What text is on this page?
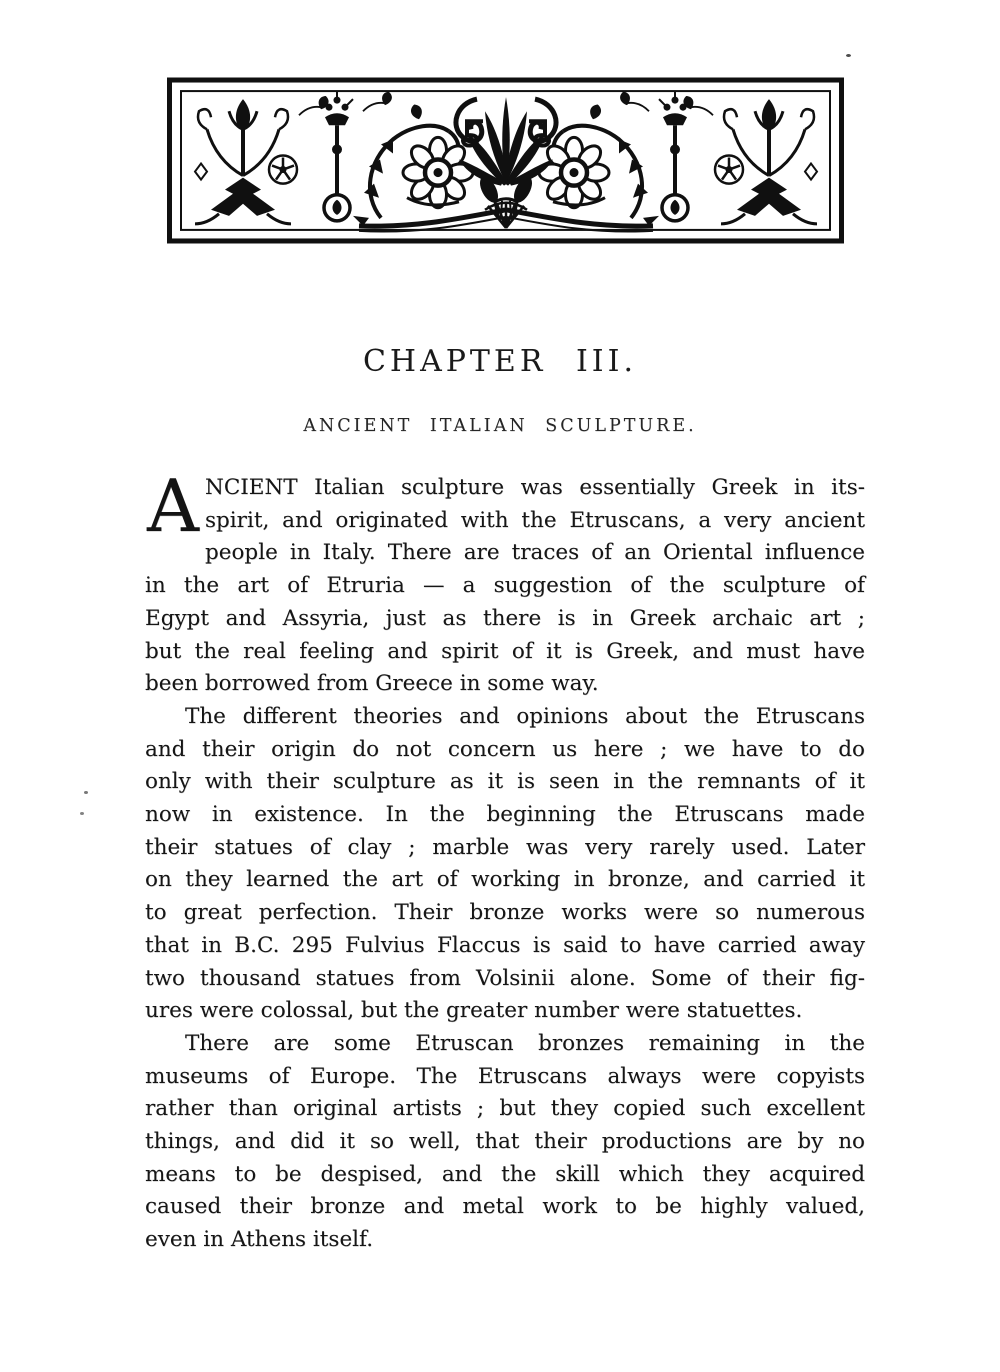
CHAPTER III.
ANCIENT ITALIAN SCULPTURE.
A NCIENT Italian sculpture was essentially Greek in its-
spirit, and originated with the Etruscans, a very ancient
people in Italy. There are traces of an Oriental influence
in the art of Etruria — a suggestion of the sculpture of
Egypt and Assyria, just as there is in Greek archaic art ;
but the real feeling and spirit of it is Greek, and must have
been borrowed from Greece in some way.
The different theories and opinions about the Etruscans
and their origin do not concern us here ; we have to do
only with their sculpture as it is seen in the remnants of it
now in existence. In the beginning the Etruscans made
their statues of clay ; marble was very rarely used. Later
on they learned the art of working in bronze, and carried it
to great perfection. Their bronze works were so numerous
that in B.C. 295 Fulvius Flaccus is said to have carried away
two thousand statues from Volsinii alone. Some of their fig-
ures were colossal, but the greater number were statuettes.
There are some Etruscan bronzes remaining in the
museums of Europe. The Etruscans always were copyists
rather than original artists ; but they copied such excellent
things, and did it so well, that their productions are by no
means to be despised, and the skill which they acquired
caused their bronze and metal work to be highly valued,
even in Athens itself.
